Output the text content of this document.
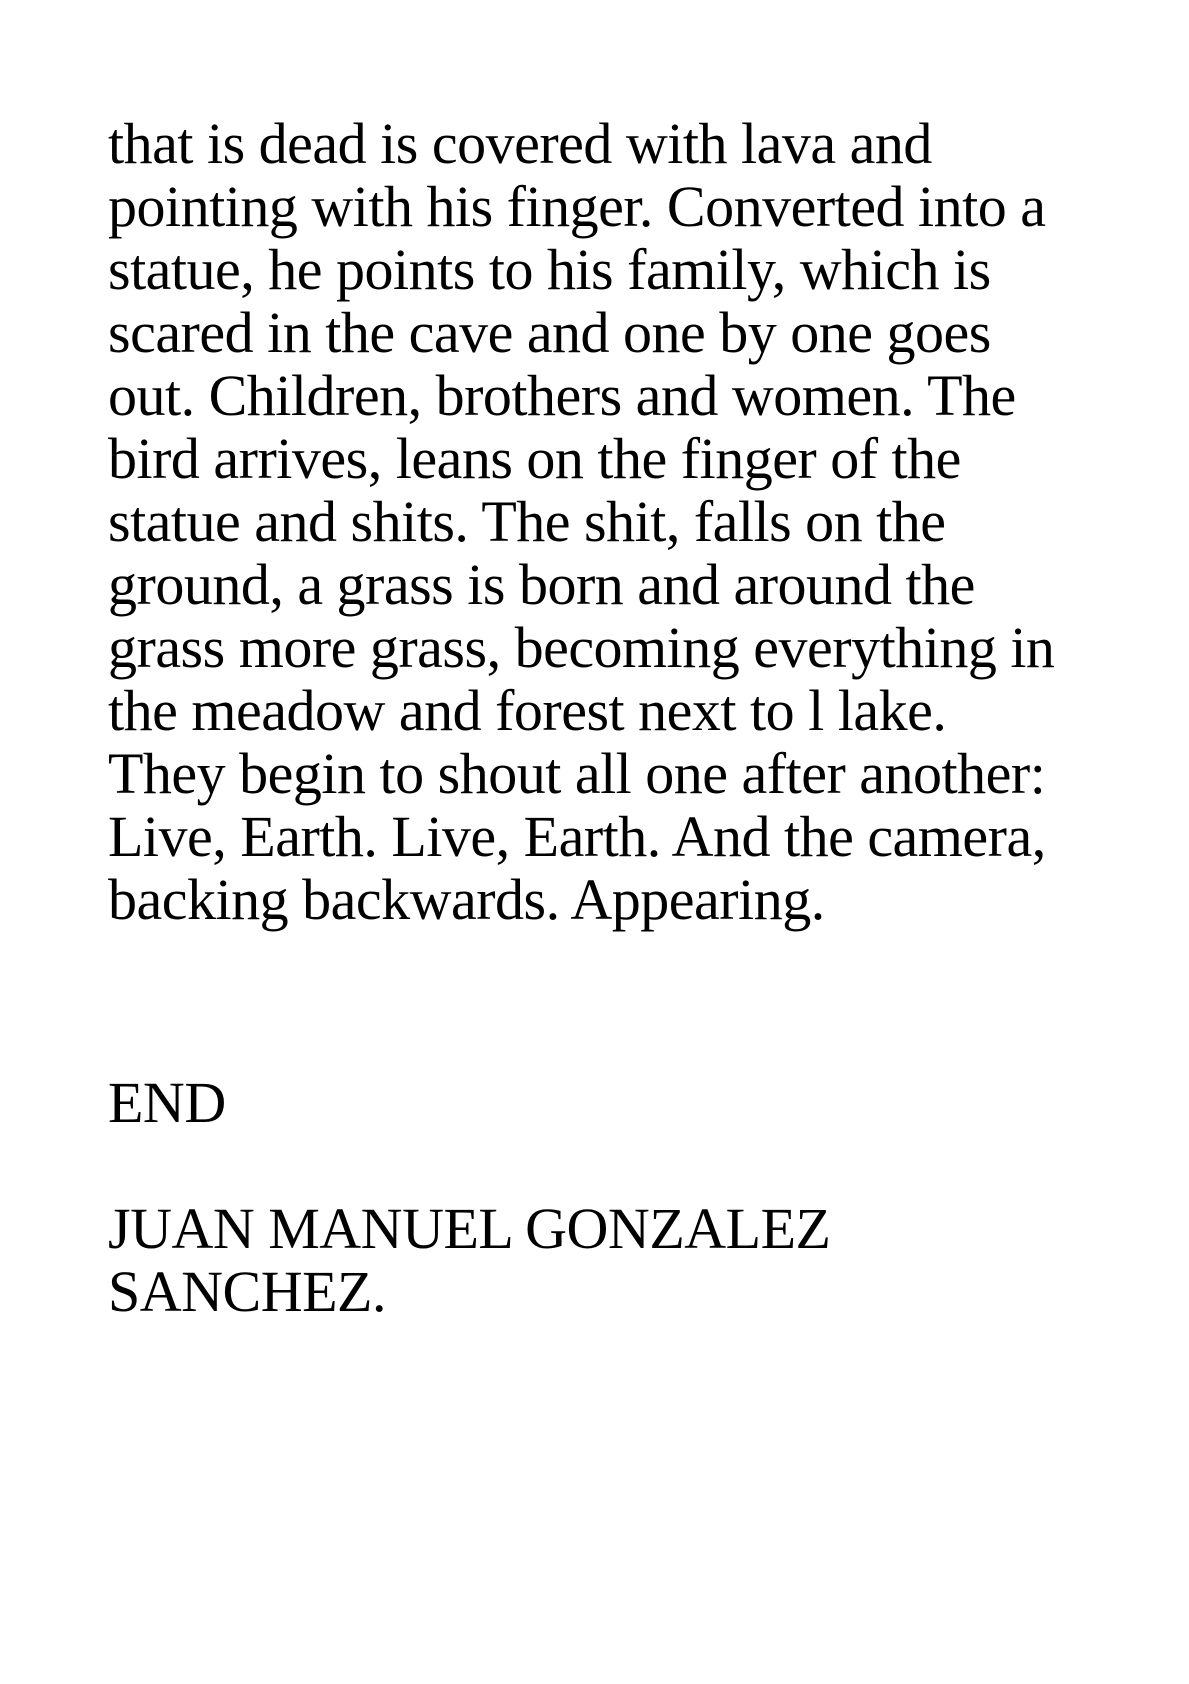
that is dead is covered with lava and
pointing with his finger. Converted into a
statue, he points to his family, which is
scared in the cave and one by one goes
out. Children, brothers and women. The
bird arrives, leans on the finger of the
statue and shits. The shit, falls on the
ground, a grass is born and around the
grass more grass, becoming everything in
the meadow and forest next to l lake.
They begin to shout all one after another:
Live, Earth. Live, Earth. And the camera,
backing backwards. Appearing.
END
JUAN MANUEL GONZALEZ
SANCHEZ.
